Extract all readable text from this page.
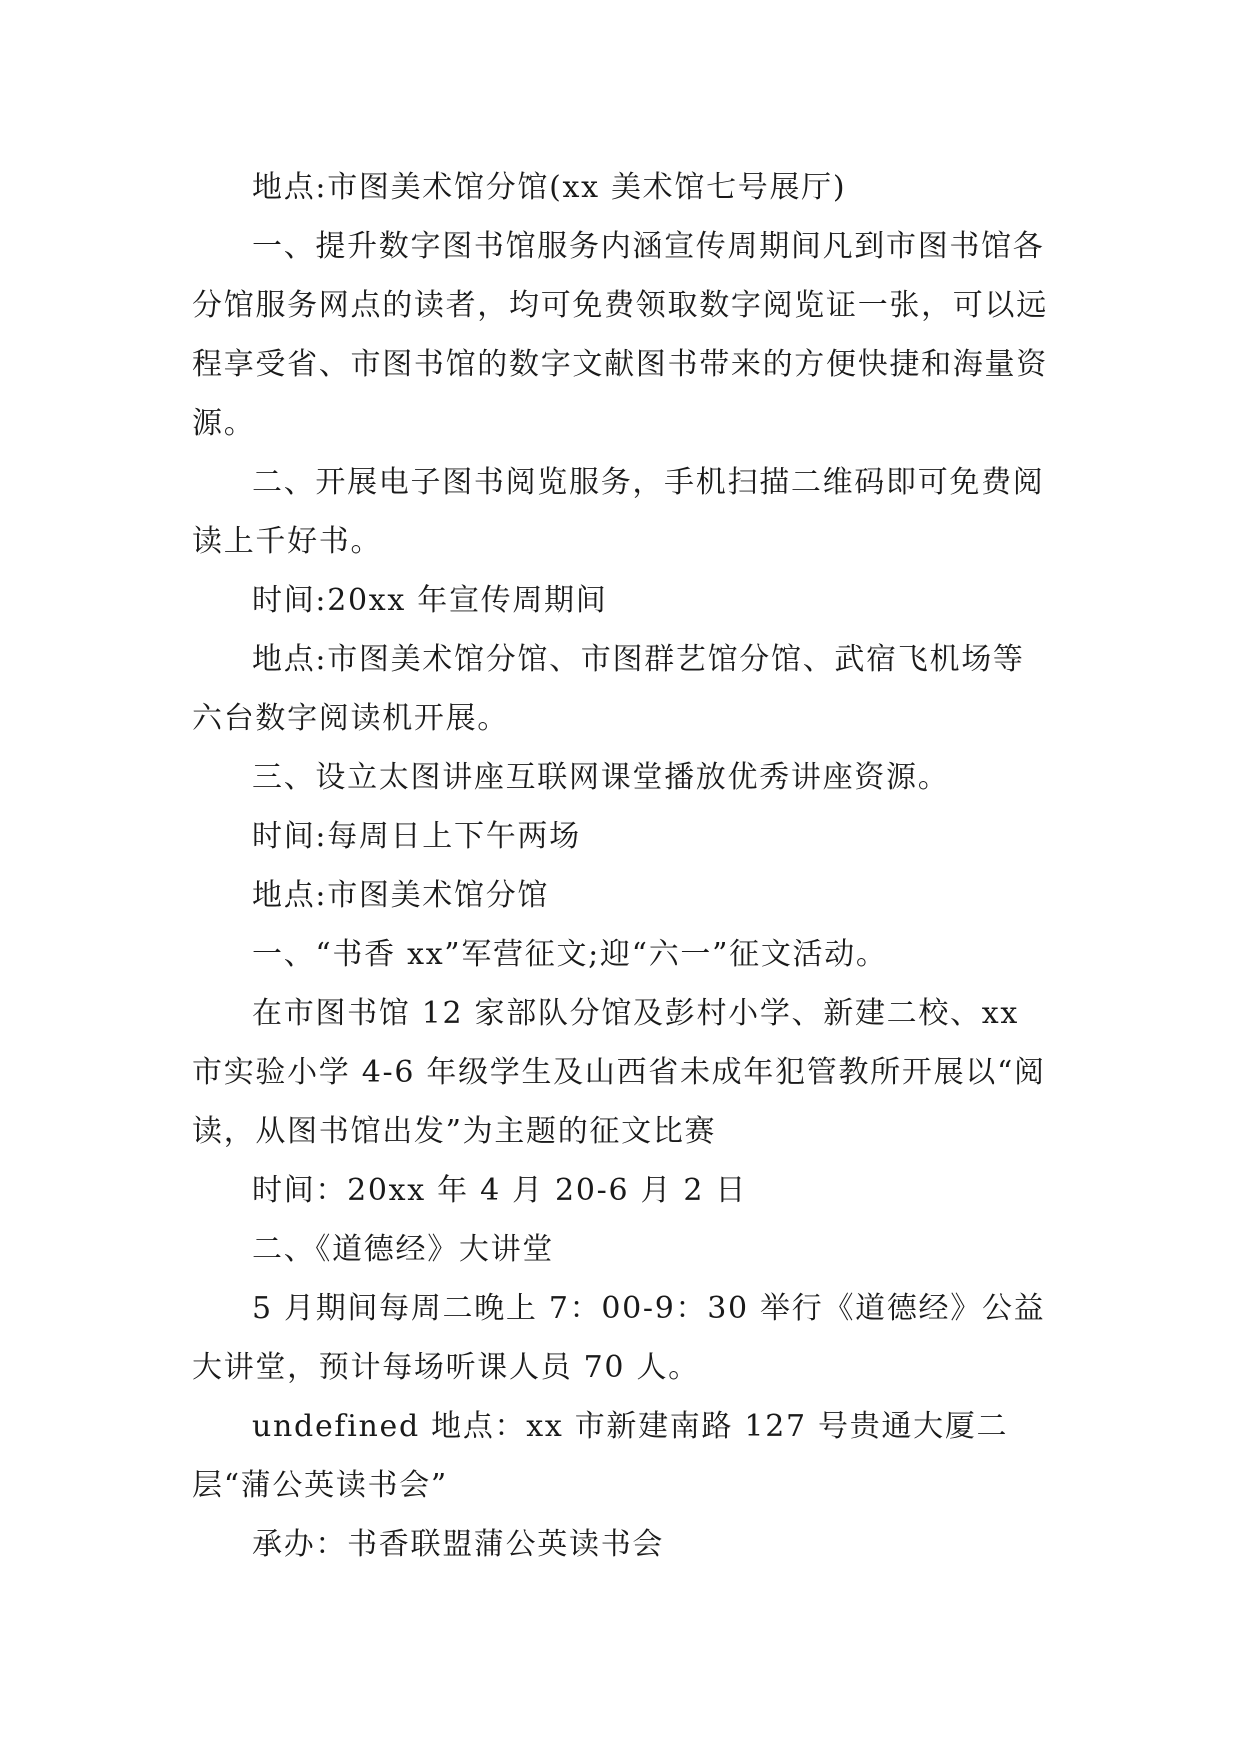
地点:市图美术馆分馆(xx 美术馆七号展厅)

一、提升数字图书馆服务内涵宣传周期间凡到市图书馆各分馆服务网点的读者，均可免费领取数字阅览证一张，可以远程享受省、市图书馆的数字文献图书带来的方便快捷和海量资源。

二、开展电子图书阅览服务，手机扫描二维码即可免费阅读上千好书。

时间:20xx 年宣传周期间

地点:市图美术馆分馆、市图群艺馆分馆、武宿飞机场等六台数字阅读机开展。

三、设立太图讲座互联网课堂播放优秀讲座资源。

时间:每周日上下午两场

地点:市图美术馆分馆

一、“书香 xx”军营征文;迎“六一”征文活动。

在市图书馆 12 家部队分馆及彭村小学、新建二校、xx 市实验小学 4-6 年级学生及山西省未成年犯管教所开展以“阅读，从图书馆出发”为主题的征文比赛

时间：20xx 年 4 月 20-6 月 2 日

二、《道德经》大讲堂

5 月期间每周二晚上 7：00-9：30 举行《道德经》公益大讲堂，预计每场听课人员 70 人。

undefined 地点：xx 市新建南路 127 号贵通大厦二层“蒲公英读书会”

承办：书香联盟蒲公英读书会
